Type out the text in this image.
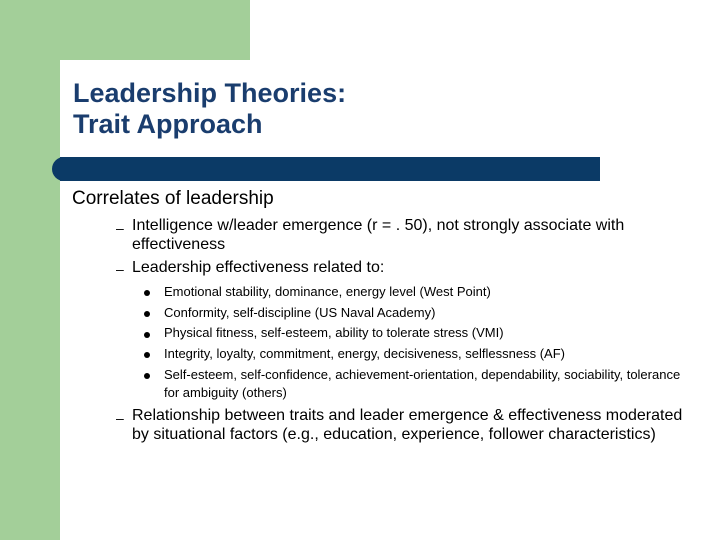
Leadership Theories:
Trait Approach
Correlates of leadership
– Intelligence w/leader emergence (r = . 50), not strongly associate with effectiveness
– Leadership effectiveness related to:
Emotional stability, dominance, energy level (West Point)
Conformity, self-discipline (US Naval Academy)
Physical fitness, self-esteem, ability to tolerate stress (VMI)
Integrity, loyalty, commitment, energy, decisiveness, selflessness (AF)
Self-esteem, self-confidence, achievement-orientation, dependability, sociability, tolerance for ambiguity (others)
– Relationship between traits and leader emergence & effectiveness moderated by situational factors (e.g., education, experience, follower characteristics)
